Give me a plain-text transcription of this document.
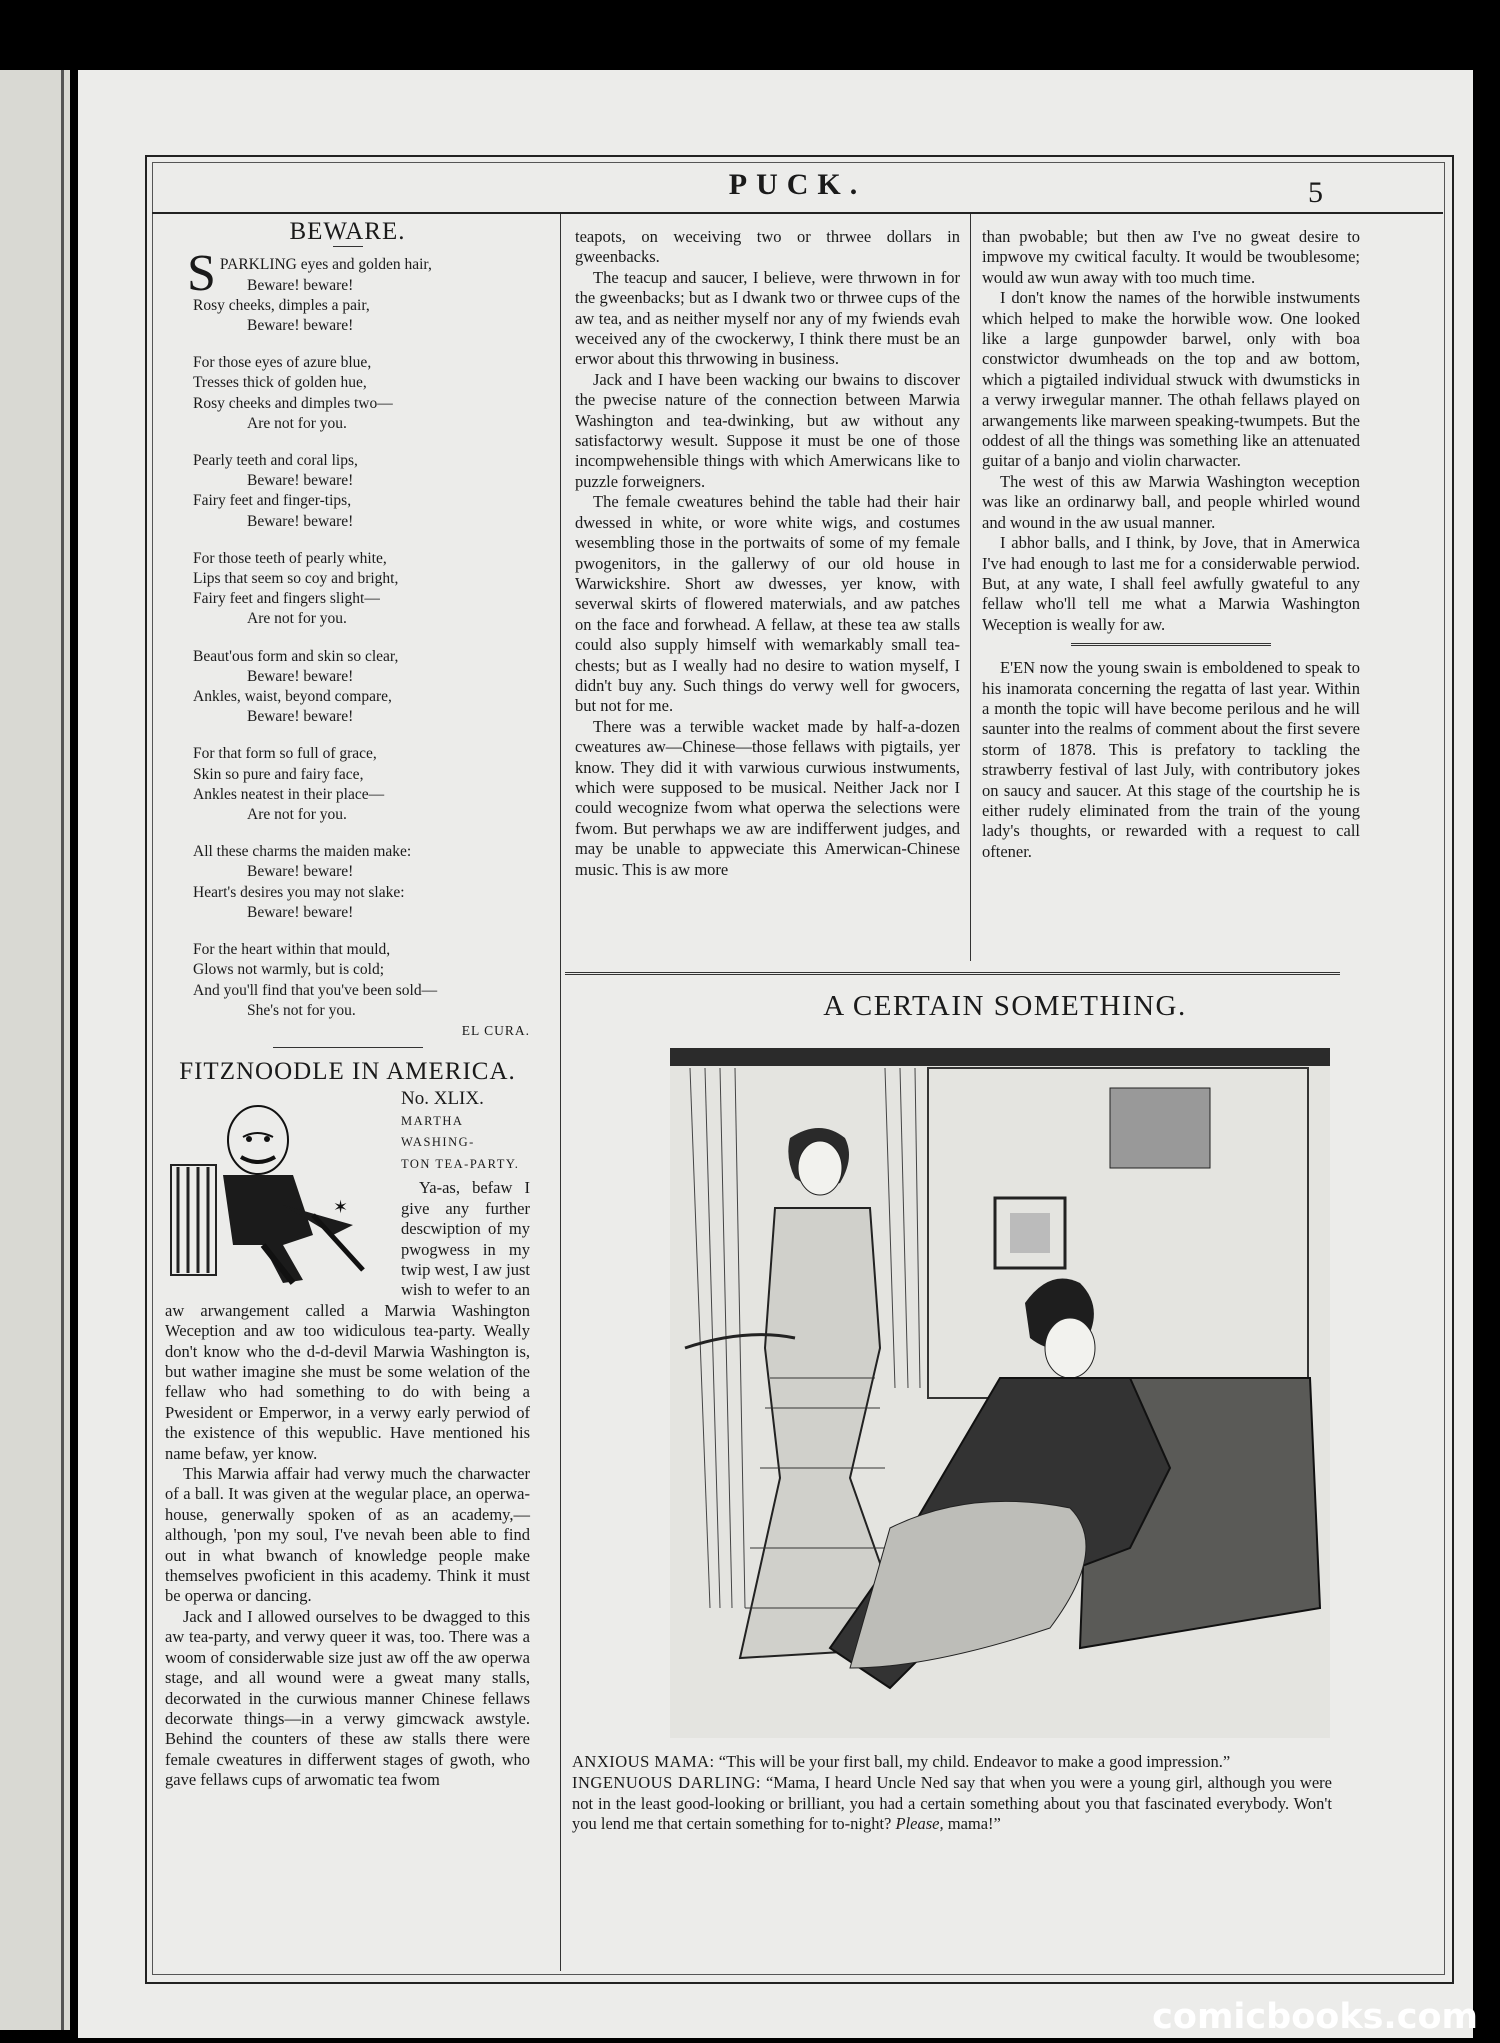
PUCK.	5
BEWARE.
S PARKLING eyes and golden hair,
Beware! beware!
Rosy cheeks, dimples a pair,
Beware! beware!
For those eyes of azure blue,
Tresses thick of golden hue,
Rosy cheeks and dimples two—
Are not for you.
Pearly teeth and coral lips,
Beware! beware!
Fairy feet and finger-tips,
Beware! beware!
For those teeth of pearly white,
Lips that seem so coy and bright,
Fairy feet and fingers slight—
Are not for you.
Beaut'ous form and skin so clear,
Beware! beware!
Ankles, waist, beyond compare,
Beware! beware!
For that form so full of grace,
Skin so pure and fairy face,
Ankles neatest in their place—
Are not for you.
All these charms the maiden make:
Beware! beware!
Heart's desires you may not slake:
Beware! beware!
For the heart within that mould,
Glows not warmly, but is cold;
And you'll find that you've been sold—
She's not for you.
EL CURA.
FITZNOODLE IN AMERICA.
✶
No. XLIX.
MARTHA WASHING-
TON TEA-PARTY.

Ya-as, befaw I give any further descwiption of my pwogwess in my twip west, I aw just wish to wefer to an aw arwangement called a Marwia Washington Weception and aw too widiculous tea-party. Weally don't know who the d-d-devil Marwia Washington is, but wather imagine she must be some welation of the fellaw who had something to do with being a Pwesident or Emperwor, in a verwy early perwiod of the existence of this wepublic. Have mentioned his name befaw, yer know.

This Marwia affair had verwy much the charwacter of a ball. It was given at the wegular place, an operwa-house, generwally spoken of as an academy,—although, 'pon my soul, I've nevah been able to find out in what bwanch of knowledge people make themselves pwoficient in this academy. Think it must be operwa or dancing.

Jack and I allowed ourselves to be dwagged to this aw tea-party, and verwy queer it was, too. There was a woom of considerwable size just aw off the aw operwa stage, and all wound were a gweat many stalls, decorwated in the curwious manner Chinese fellaws decorwate things—in a verwy gimcwack awstyle. Behind the counters of these aw stalls there were female cweatures in differwent stages of gwoth, who gave fellaws cups of arwomatic tea fwom

teapots, on weceiving two or thrwee dollars in gweenbacks.

The teacup and saucer, I believe, were thrwown in for the gweenbacks; but as I dwank two or thrwee cups of the aw tea, and as neither myself nor any of my fwiends evah weceived any of the cwockerwy, I think there must be an erwor about this thrwowing in business.

Jack and I have been wacking our bwains to discover the pwecise nature of the connection between Marwia Washington and tea-dwinking, but aw without any satisfactorwy wesult. Suppose it must be one of those incompwehensible things with which Amerwicans like to puzzle forweigners.

The female cweatures behind the table had their hair dwessed in white, or wore white wigs, and costumes wesembling those in the portwaits of some of my female pwogenitors, in the gallerwy of our old house in Warwickshire. Short aw dwesses, yer know, with severwal skirts of flowered materwials, and aw patches on the face and forwhead. A fellaw, at these tea aw stalls could also supply himself with wemarkably small tea-chests; but as I weally had no desire to wation myself, I didn't buy any. Such things do verwy well for gwocers, but not for me.

There was a terwible wacket made by half-a-dozen cweatures aw—Chinese—those fellaws with pigtails, yer know. They did it with varwious curwious instwuments, which were supposed to be musical. Neither Jack nor I could wecognize fwom what operwa the selections were fwom. But perwhaps we aw are indifferwent judges, and may be unable to appweciate this Amerwican-Chinese music. This is aw more

than pwobable; but then aw I've no gweat desire to impwove my cwitical faculty. It would be twoublesome; would aw wun away with too much time.

I don't know the names of the horwible instwuments which helped to make the horwible wow. One looked like a large gunpowder barwel, only with boa constwictor dwumheads on the top and aw bottom, which a pigtailed individual stwuck with dwumsticks in a verwy irwegular manner. The othah fellaws played on arwangements like marween speaking-twumpets. But the oddest of all the things was something like an attenuated guitar of a banjo and violin charwacter.

The west of this aw Marwia Washington weception was like an ordinarwy ball, and people whirled wound and wound in the aw usual manner.

I abhor balls, and I think, by Jove, that in Amerwica I've had enough to last me for a considerwable perwiod. But, at any wate, I shall feel awfully gwateful to any fellaw who'll tell me what a Marwia Washington Weception is weally for aw.

E'EN now the young swain is emboldened to speak to his inamorata concerning the regatta of last year. Within a month the topic will have become perilous and he will saunter into the realms of comment about the first severe storm of 1878. This is prefatory to tackling the strawberry festival of last July, with contributory jokes on saucy and saucer. At this stage of the courtship he is either rudely eliminated from the train of the young lady's thoughts, or rewarded with a request to call oftener.

A CERTAIN SOMETHING.

ANXIOUS MAMA: “This will be your first ball, my child. Endeavor to make a good impression.”

INGENUOUS DARLING: “Mama, I heard Uncle Ned say that when you were a young girl, although you were not in the least good-looking or brilliant, you had a certain something about you that fascinated everybody. Won't you lend me that certain something for to-night? Please, mama!”

comicbooks.com
